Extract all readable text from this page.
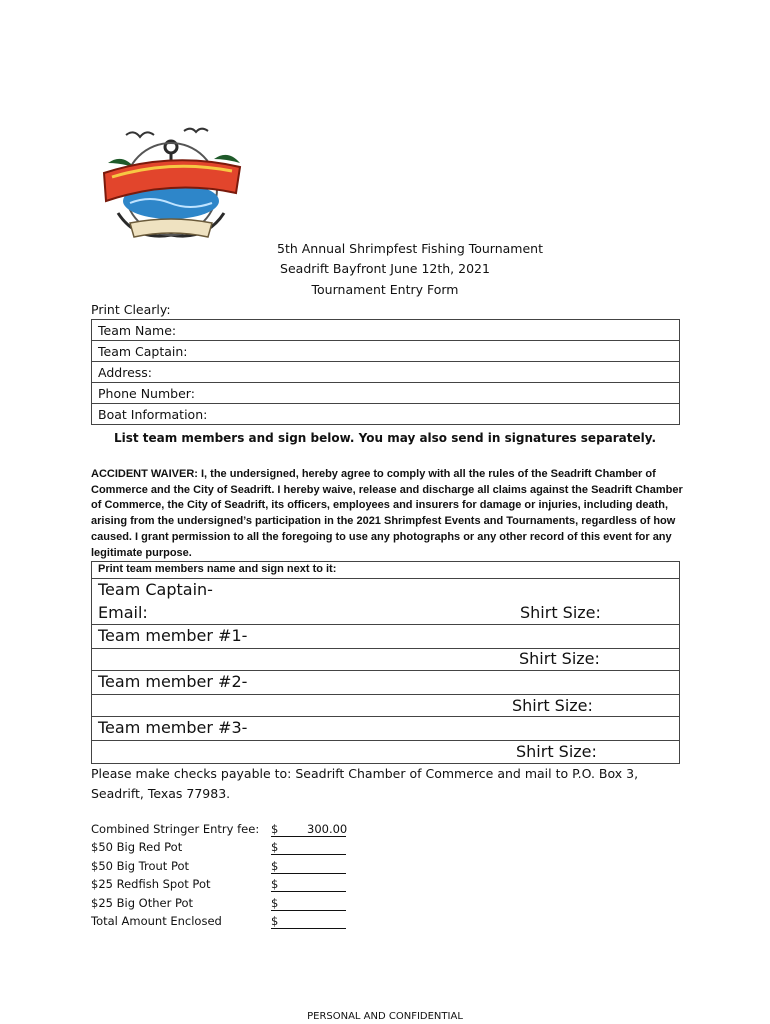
5th Annual Shrimpfest Fishing Tournament
Seadrift Bayfront June 12th, 2021
Tournament Entry Form
Print Clearly:
Team Name:
Team Captain:
Address:
Phone Number:
Boat Information:
List team members and sign below. You may also send in signatures separately.
ACCIDENT WAIVER: I, the undersigned, hereby agree to comply with all the rules of the Seadrift Chamber of Commerce and the City of Seadrift. I hereby waive, release and discharge all claims against the Seadrift Chamber of Commerce, the City of Seadrift, its officers, employees and insurers for damage or injuries, including death, arising from the undersigned’s participation in the 2021 Shrimpfest Events and Tournaments, regardless of how caused. I grant permission to all the foregoing to use any photographs or any other record of this event for any legitimate purpose.
Print team members name and sign next to it:
Team Captain-
Email:	Shirt Size:
Team member #1-
Shirt Size:
Team member #2-
Shirt Size:
Team member #3-
Shirt Size:
Please make checks payable to: Seadrift Chamber of Commerce and mail to P.O. Box 3, Seadrift, Texas 77983.
Combined Stringer Entry fee: $ 300.00
$50 Big Red Pot	$
$50 Big Trout Pot	$
$25 Redfish Spot Pot	$
$25 Big Other Pot	$
Total Amount Enclosed	$
PERSONAL AND CONFIDENTIAL
